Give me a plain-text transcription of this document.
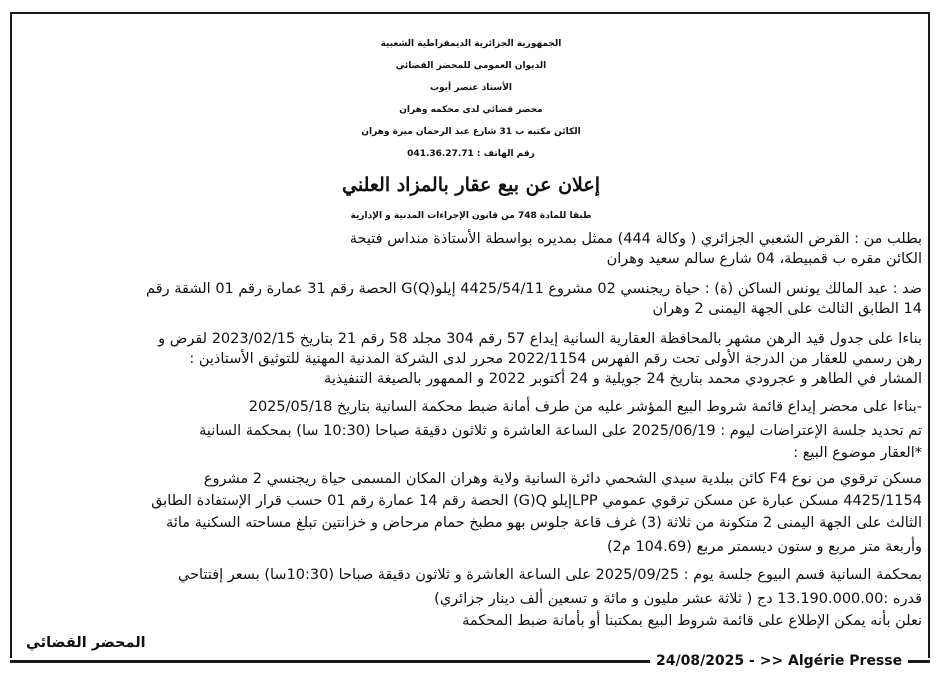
الجمهورية الجزائرية الديمقراطية الشعبية
الديوان العمومي للمحضر القضائي
الأستاذ عنصر أيوب
محضر قضائي لدى محكمه وهران
الكائن مكتبه ب 31 شارع عبد الرحمان ميرة وهران
رقم الهاتف : 041.36.27.71
إعلان عن بيع عقار بالمزاد العلني
طبقا للمادة 748 من قانون الإجراءات المدنية و الإدارية
بطلب من : القرض الشعبي الجزائري ( وكالة 444) ممثل بمديره بواسطة الأستاذة منداس فتيحة
الكائن مقره ب قمبيطة، 04 شارع سالم سعيد وهران
ضد : عبد المالك يونس الساكن (ة) : حياة ريجنسي 02 مشروع 4425/54/11 إيلوG(Q) الحصة رقم 31 عمارة رقم 01 الشقة رقم
14 الطابق الثالث على الجهة اليمنى 2 وهران
بناءا على جدول قيد الرهن مشهر بالمحافظة العقارية السانية إيداع 57 رقم 304 مجلد 58 رقم 21 بتاريخ 2023/02/15 لقرض و
رهن رسمي للعقار من الدرجة الأولى تحت رقم الفهرس 2022/1154 محرر لدى الشركة المدنية المهنية للتوثيق الأستاذين :
المشار في الطاهر و عجرودي محمد بتاريخ 24 جويلية و 24 أكتوبر 2022 و الممهور بالصيغة التنفيذية
-بناءا على محضر إيداع قائمة شروط البيع المؤشر عليه من طرف أمانة ضبط محكمة السانية بتاريخ 2025/05/18
تم تحديد جلسة الإعتراضات ليوم : 2025/06/19 على الساعة العاشرة و ثلاثون دقيقة صباحا (10:30 سا) بمحكمة السانية
*العقار موضوع البيع :
مسكن ترقوي من نوع F4 كائن ببلدية سيدي الشحمي دائرة السانية ولاية وهران المكان المسمى حياة ريجنسي 2 مشروع
4425/1154 مسكن عبارة عن مسكن ترقوي عمومي LPPإيلو G)Q) الحصة رقم 14 عمارة رقم 01 حسب قرار الإستفادة الطابق
الثالث على الجهة اليمنى 2 متكونة من ثلاثة (3) غرف قاعة جلوس بهو مطبخ حمام مرحاض و خزانتين تبلغ مساحته السكنية مائة
وأربعة متر مربع و ستون ديسمتر مربع (104.69 م2)
بمحكمة السانية قسم البيوع جلسة يوم : 2025/09/25 على الساعة العاشرة و ثلاثون دقيقة صباحا (10:30سا) بسعر إفتتاحي
قدره :13.190.000.00 دج ( ثلاثة عشر مليون و مائة و تسعين ألف دينار جزائري)
نعلن بأنه يمكن الإطلاع على قائمة شروط البيع بمكتبنا أو بأمانة ضبط المحكمة
المحضر القضائي
24/08/2025 - >> Algérie Presse
